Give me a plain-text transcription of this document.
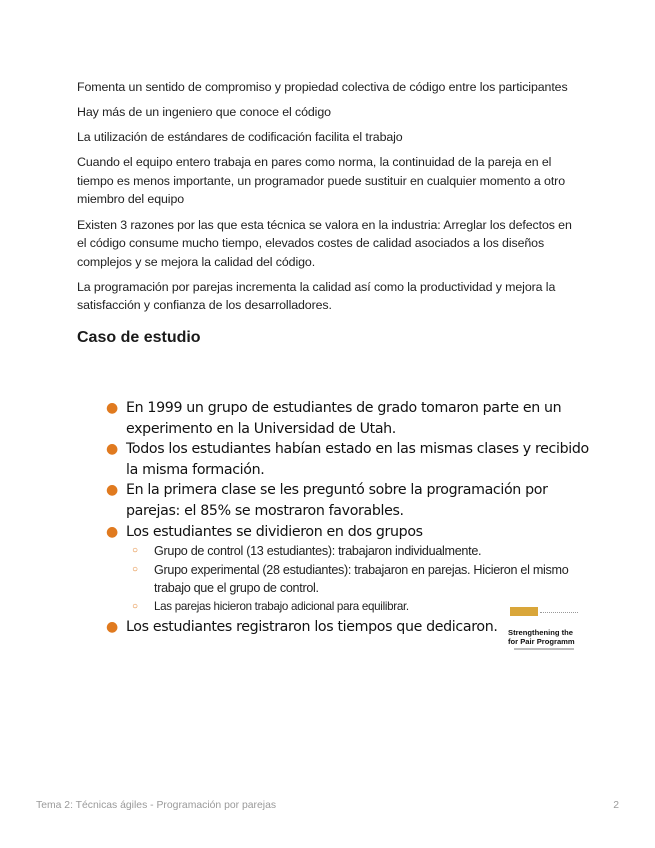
Fomenta un sentido de compromiso y propiedad colectiva de código entre los participantes

Hay más de un ingeniero que conoce el código

La utilización de estándares de codificación facilita el trabajo

Cuando el equipo entero trabaja en pares como norma, la continuidad de la pareja en el tiempo es menos importante, un programador puede sustituir en cualquier momento a otro miembro del equipo

Existen 3 razones por las que esta técnica se valora en la industria: Arreglar los defectos en el código consume mucho tiempo, elevados costes de calidad asociados a los diseños complejos y se mejora la calidad del código.

La programación por parejas incrementa la calidad así como la productividad y mejora la satisfacción y confianza de los desarrolladores.

Caso de estudio
● En 1999 un grupo de estudiantes de grado tomaron parte en un experimento en la Universidad de Utah.
● Todos los estudiantes habían estado en las mismas clases y recibido la misma formación.
● En la primera clase se les preguntó sobre la programación por parejas: el 85% se mostraron favorables.
● Los estudiantes se dividieron en dos grupos
○ Grupo de control (13 estudiantes): trabajaron individualmente.
○ Grupo experimental (28 estudiantes): trabajaron en parejas. Hicieron el mismo trabajo que el grupo de control.
○ Las parejas hicieron trabajo adicional para equilibrar.
● Los estudiantes registraron los tiempos que dedicaron.	Strengthening the
for Pair Programm
Tema 2: Técnicas ágiles - Programación por parejas	2
